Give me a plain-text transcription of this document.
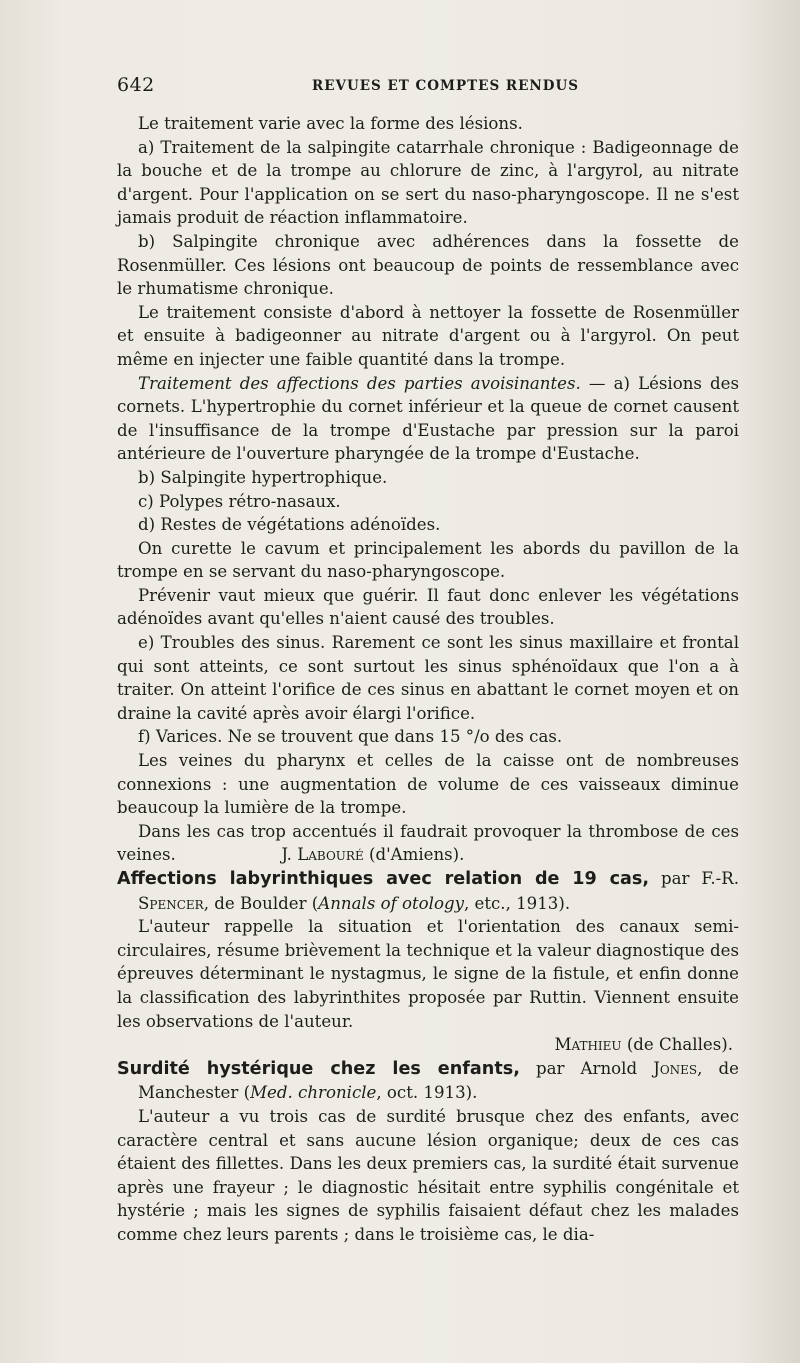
642	REVUES ET COMPTES RENDUS

Le traitement varie avec la forme des lésions.

a) Traitement de la salpingite catarrhale chronique : Badigeonnage de la bouche et de la trompe au chlorure de zinc, à l'argyrol, au nitrate d'argent. Pour l'application on se sert du naso-pharyngoscope. Il ne s'est jamais produit de réaction inflammatoire.

b) Salpingite chronique avec adhérences dans la fossette de Rosenmüller. Ces lésions ont beaucoup de points de ressemblance avec le rhumatisme chronique.

Le traitement consiste d'abord à nettoyer la fossette de Rosenmüller et ensuite à badigeonner au nitrate d'argent ou à l'argyrol. On peut même en injecter une faible quantité dans la trompe.

Traitement des affections des parties avoisinantes. — a) Lésions des cornets. L'hypertrophie du cornet inférieur et la queue de cornet causent de l'insuffisance de la trompe d'Eustache par pression sur la paroi antérieure de l'ouverture pharyngée de la trompe d'Eustache.

b) Salpingite hypertrophique.

c) Polypes rétro-nasaux.

d) Restes de végétations adénoïdes.

On curette le cavum et principalement les abords du pavillon de la trompe en se servant du naso-pharyngoscope.

Prévenir vaut mieux que guérir. Il faut donc enlever les végétations adénoïdes avant qu'elles n'aient causé des troubles.

e) Troubles des sinus. Rarement ce sont les sinus maxillaire et frontal qui sont atteints, ce sont surtout les sinus sphénoïdaux que l'on a à traiter. On atteint l'orifice de ces sinus en abattant le cornet moyen et on draine la cavité après avoir élargi l'orifice.

f) Varices. Ne se trouvent que dans 15 °/o des cas.

Les veines du pharynx et celles de la caisse ont de nombreuses connexions : une augmentation de volume de ces vaisseaux diminue beaucoup la lumière de la trompe.

Dans les cas trop accentués il faudrait provoquer la thrombose de ces veines.	J. Labouré (d'Amiens).

Affections labyrinthiques avec relation de 19 cas, par F.-R. Spencer, de Boulder (Annals of otology, etc., 1913).

L'auteur rappelle la situation et l'orientation des canaux semi-circulaires, résume brièvement la technique et la valeur diagnostique des épreuves déterminant le nystagmus, le signe de la fistule, et enfin donne la classification des labyrinthites proposée par Ruttin. Viennent ensuite les observations de l'auteur.

Mathieu (de Challes).

Surdité hystérique chez les enfants, par Arnold Jones, de Manchester (Med. chronicle, oct. 1913).

L'auteur a vu trois cas de surdité brusque chez des enfants, avec caractère central et sans aucune lésion organique; deux de ces cas étaient des fillettes. Dans les deux premiers cas, la surdité était survenue après une frayeur ; le diagnostic hésitait entre syphilis congénitale et hystérie ; mais les signes de syphilis faisaient défaut chez les malades comme chez leurs parents ; dans le troisième cas, le dia-
